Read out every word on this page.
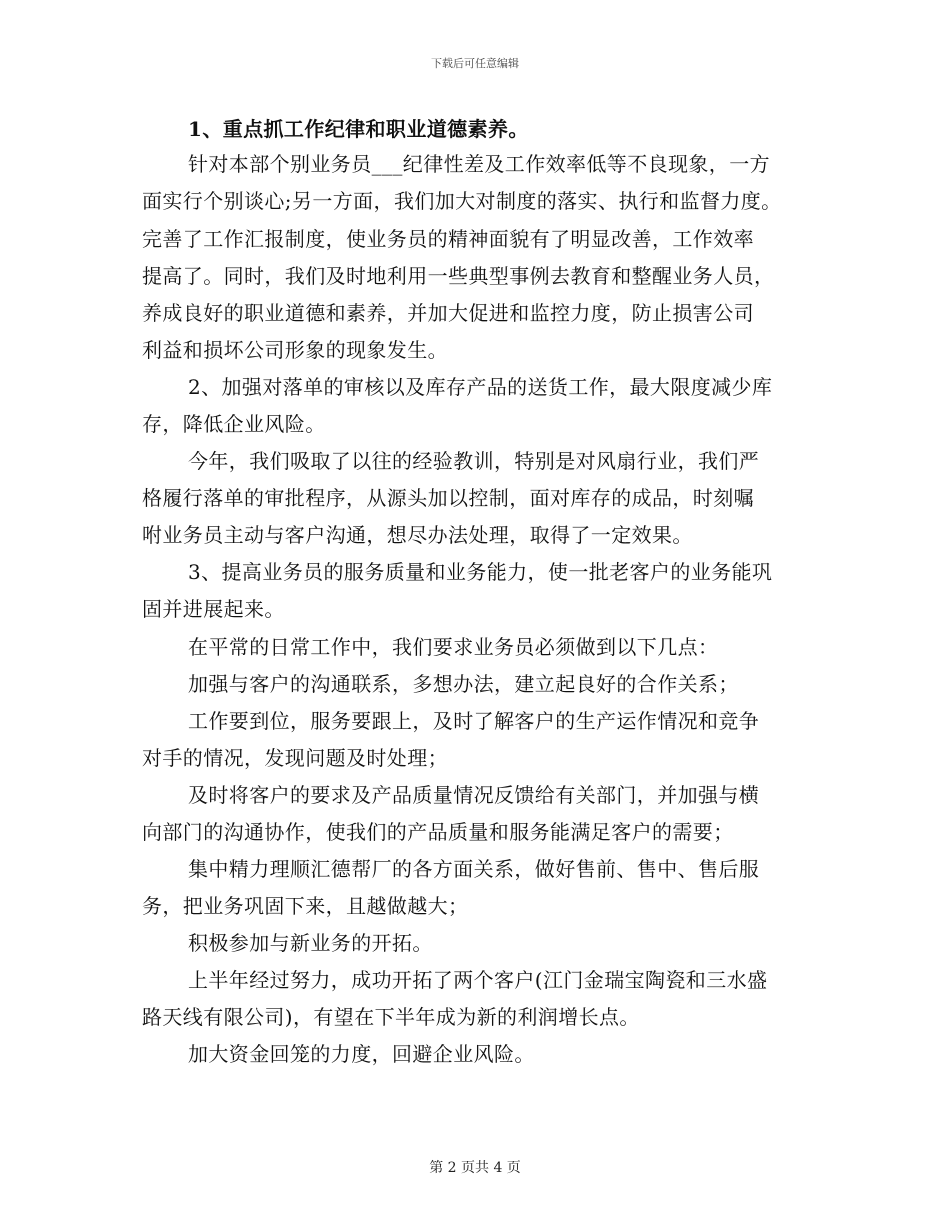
下载后可任意编辑
1、重点抓工作纪律和职业道德素养。
针对本部个别业务员___纪律性差及工作效率低等不良现象，一方
面实行个别谈心;另一方面，我们加大对制度的落实、执行和监督力度。
完善了工作汇报制度，使业务员的精神面貌有了明显改善，工作效率
提高了。同时，我们及时地利用一些典型事例去教育和整醒业务人员，
养成良好的职业道德和素养，并加大促进和监控力度，防止损害公司
利益和损坏公司形象的现象发生。
2、加强对落单的审核以及库存产品的送货工作，最大限度减少库
存，降低企业风险。
今年，我们吸取了以往的经验教训，特别是对风扇行业，我们严
格履行落单的审批程序，从源头加以控制，面对库存的成品，时刻嘱
咐业务员主动与客户沟通，想尽办法处理，取得了一定效果。
3、提高业务员的服务质量和业务能力，使一批老客户的业务能巩
固并进展起来。
在平常的日常工作中，我们要求业务员必须做到以下几点：
加强与客户的沟通联系，多想办法，建立起良好的合作关系；
工作要到位，服务要跟上，及时了解客户的生产运作情况和竞争
对手的情况，发现问题及时处理；
及时将客户的要求及产品质量情况反馈给有关部门，并加强与横
向部门的沟通协作，使我们的产品质量和服务能满足客户的需要；
集中精力理顺汇德帮厂的各方面关系，做好售前、售中、售后服
务，把业务巩固下来，且越做越大；
积极参加与新业务的开拓。
上半年经过努力，成功开拓了两个客户(江门金瑞宝陶瓷和三水盛
路天线有限公司)，有望在下半年成为新的利润增长点。
加大资金回笼的力度，回避企业风险。
第 2 页共 4 页
